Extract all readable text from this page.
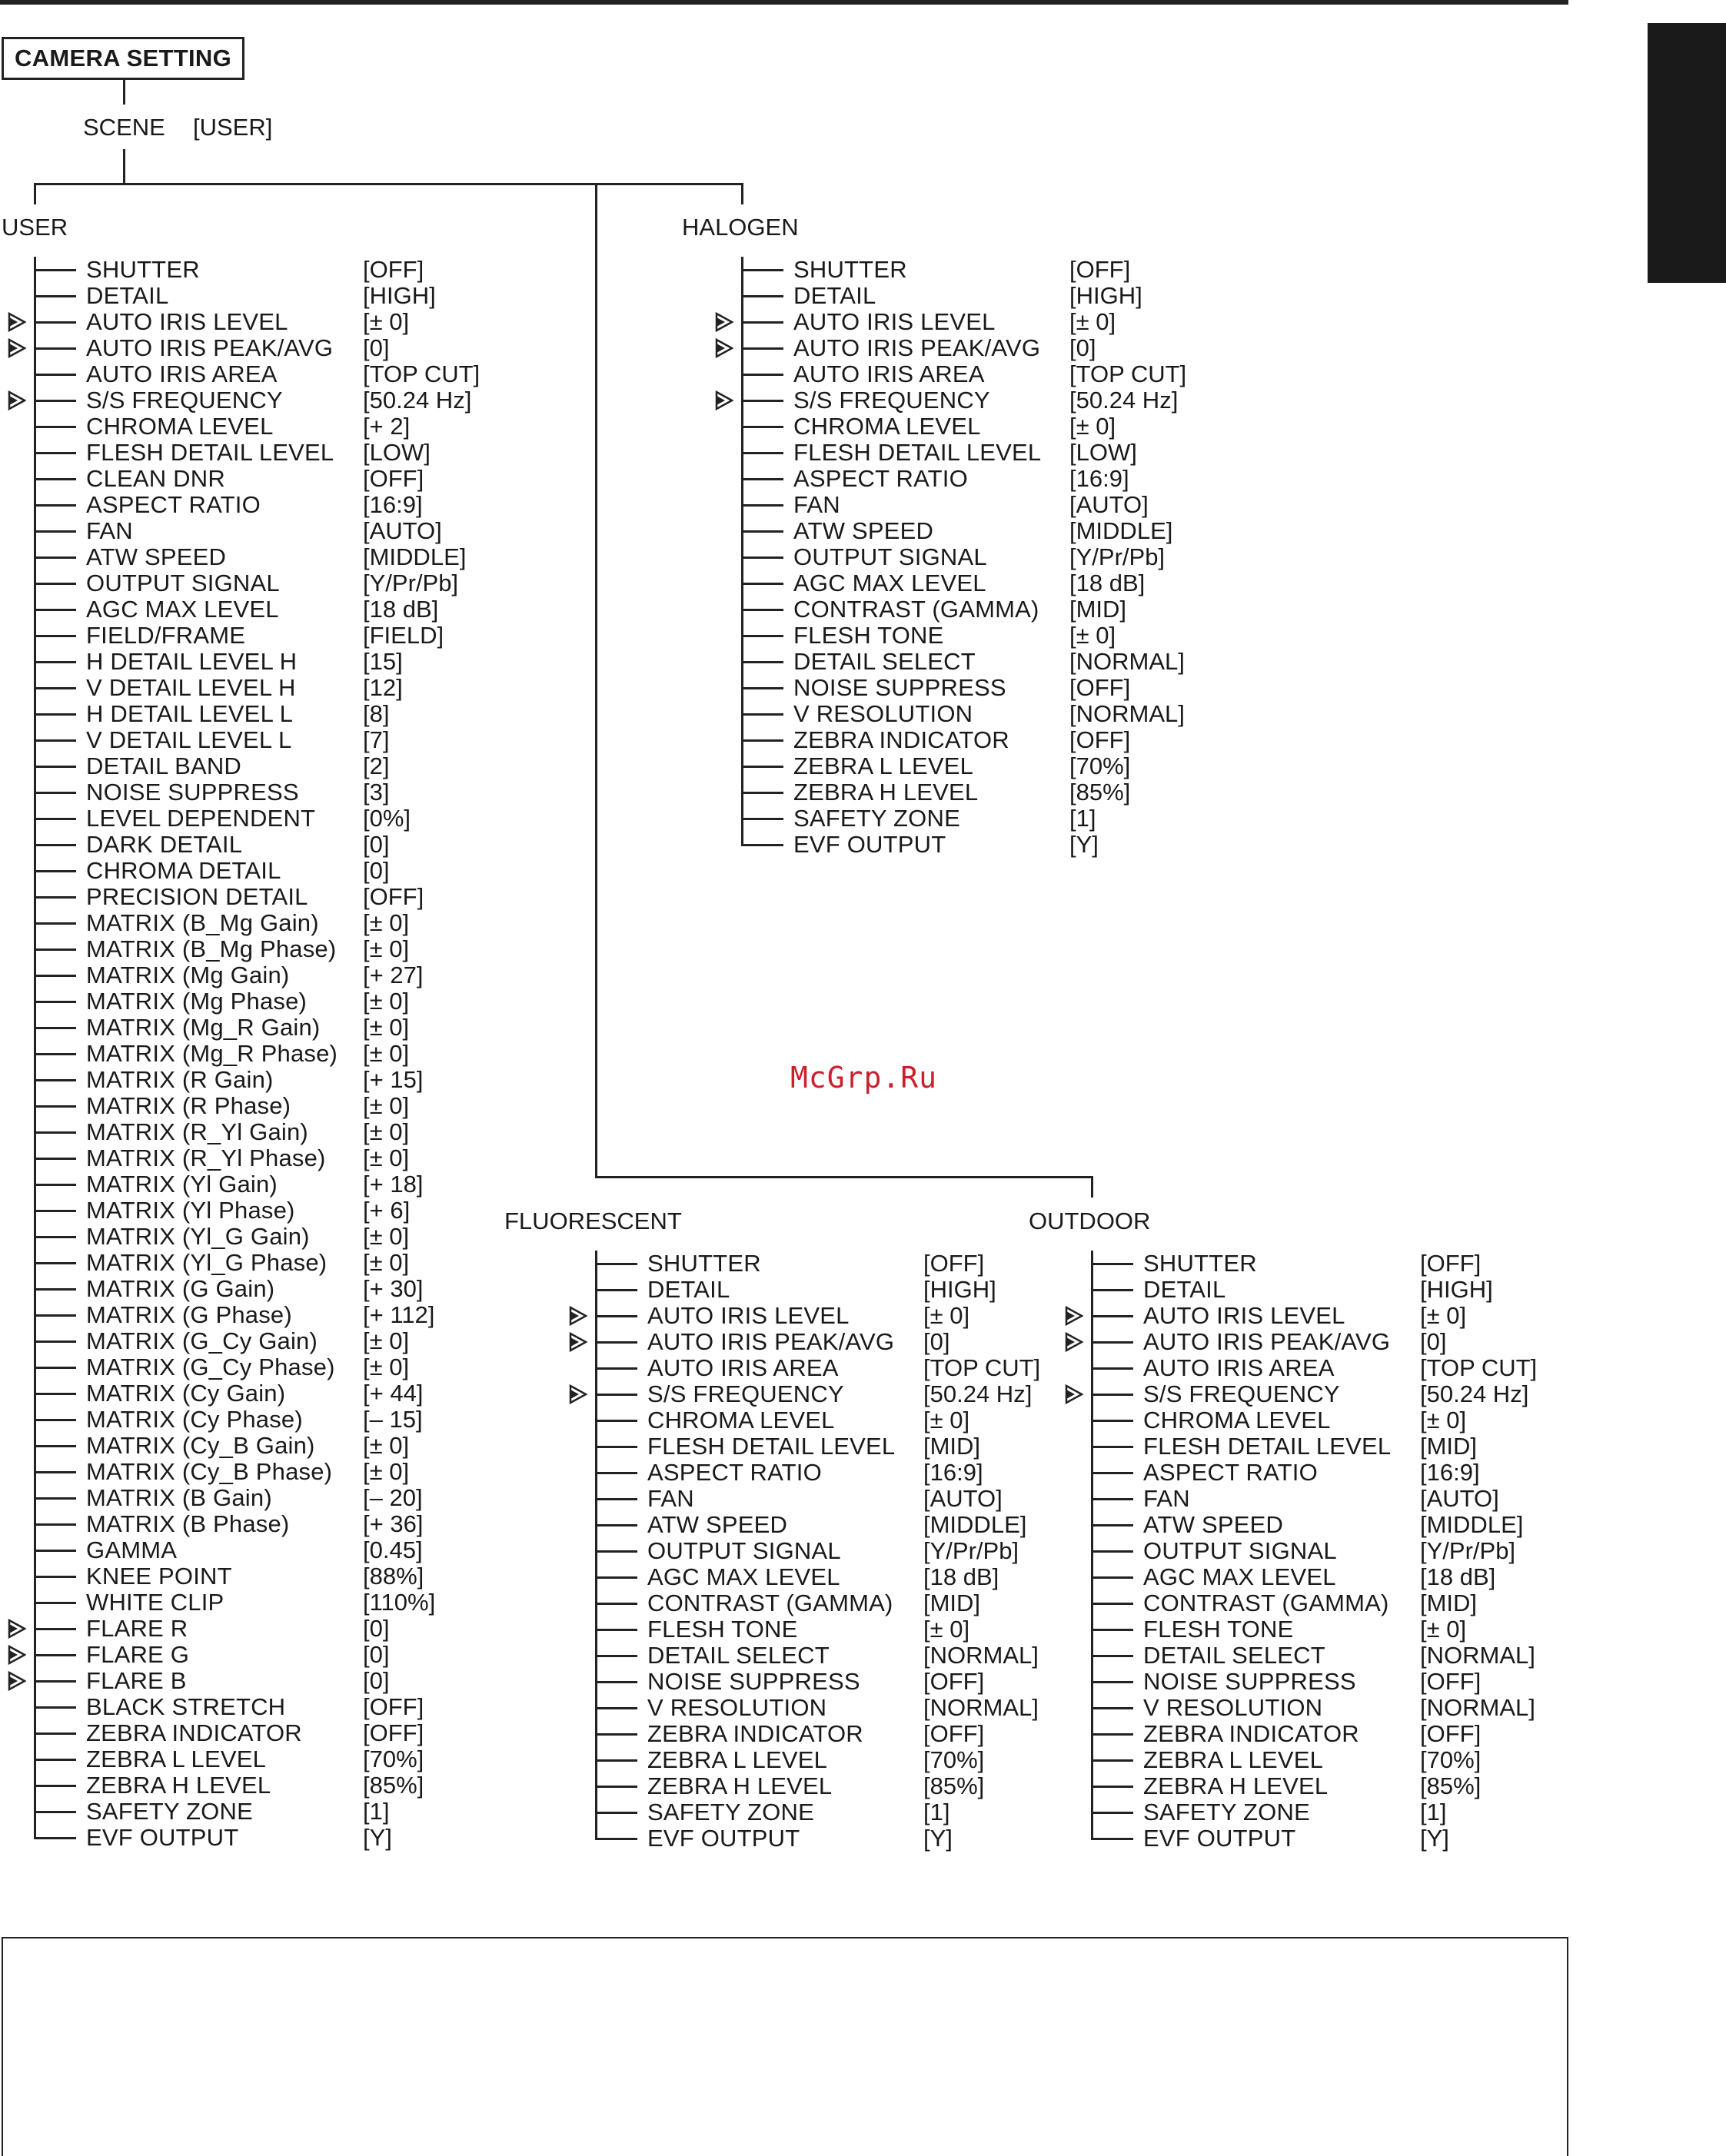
CAMERA SETTING
SCENE [USER]
USER	HALOGEN
FLUORESCENT	OUTDOOR
SHUTTER	[OFF]
DETAIL	[HIGH]
AUTO IRIS LEVEL	[± 0]
AUTO IRIS PEAK/AVG [0]
AUTO IRIS AREA	[TOP CUT]
S/S FREQUENCY	[50.24 Hz]
CHROMA LEVEL	[+ 2]
FLESH DETAIL LEVEL [LOW]
CLEAN DNR	[OFF]
ASPECT RATIO	[16:9]
FAN	[AUTO]
ATW SPEED	[MIDDLE]
OUTPUT SIGNAL	[Y/Pr/Pb]
AGC MAX LEVEL	[18 dB]
FIELD/FRAME	[FIELD]
H DETAIL LEVEL H	[15]
V DETAIL LEVEL H	[12]
H DETAIL LEVEL L	[8]
V DETAIL LEVEL L	[7]
DETAIL BAND	[2]
NOISE SUPPRESS	[3]
LEVEL DEPENDENT [0%]
DARK DETAIL	[0]
CHROMA DETAIL	[0]
PRECISION DETAIL [OFF]
MATRIX (B_Mg Gain) [± 0]
MATRIX (B_Mg Phase) [± 0]
MATRIX (Mg Gain)	[+ 27]
MATRIX (Mg Phase) [± 0]
MATRIX (Mg_R Gain) [± 0]
MATRIX (Mg_R Phase) [± 0]
MATRIX (R Gain)	[+ 15]
MATRIX (R Phase)	[± 0]
MATRIX (R_Yl Gain) [± 0]
MATRIX (R_Yl Phase) [± 0]
MATRIX (Yl Gain)	[+ 18]
MATRIX (Yl Phase)	[+ 6]
MATRIX (Yl_G Gain) [± 0]
MATRIX (Yl_G Phase) [± 0]
MATRIX (G Gain)	[+ 30]
MATRIX (G Phase)	[+ 112]
MATRIX (G_Cy Gain) [± 0]
MATRIX (G_Cy Phase) [± 0]
MATRIX (Cy Gain)	[+ 44]
MATRIX (Cy Phase)	[– 15]
MATRIX (Cy_B Gain) [± 0]
MATRIX (Cy_B Phase) [± 0]
MATRIX (B Gain)	[– 20]
MATRIX (B Phase)	[+ 36]
GAMMA	[0.45]
KNEE POINT	[88%]
WHITE CLIP	[110%]
FLARE R	[0]
FLARE G	[0]
FLARE B	[0]
BLACK STRETCH	[OFF]
ZEBRA INDICATOR	[OFF]
ZEBRA L LEVEL	[70%]
ZEBRA H LEVEL	[85%]
SAFETY ZONE	[1]
EVF OUTPUT	[Y]
SHUTTER	[OFF]
DETAIL	[HIGH]
AUTO IRIS LEVEL	[± 0]
AUTO IRIS PEAK/AVG [0]
AUTO IRIS AREA	[TOP CUT]
S/S FREQUENCY	[50.24 Hz]
CHROMA LEVEL	[± 0]
FLESH DETAIL LEVEL [LOW]
ASPECT RATIO	[16:9]
FAN	[AUTO]
ATW SPEED	[MIDDLE]
OUTPUT SIGNAL	[Y/Pr/Pb]
AGC MAX LEVEL	[18 dB]
CONTRAST (GAMMA) [MID]
FLESH TONE	[± 0]
DETAIL SELECT	[NORMAL]
NOISE SUPPRESS	[OFF]
V RESOLUTION	[NORMAL]
ZEBRA INDICATOR	[OFF]
ZEBRA L LEVEL	[70%]
ZEBRA H LEVEL	[85%]
SAFETY ZONE	[1]
EVF OUTPUT	[Y]
SHUTTER	[OFF]
DETAIL	[HIGH]
AUTO IRIS LEVEL	[± 0]
AUTO IRIS PEAK/AVG [0]
AUTO IRIS AREA	[TOP CUT]
S/S FREQUENCY	[50.24 Hz]
CHROMA LEVEL	[± 0]
FLESH DETAIL LEVEL [MID]
ASPECT RATIO	[16:9]
FAN	[AUTO]
ATW SPEED	[MIDDLE]
OUTPUT SIGNAL	[Y/Pr/Pb]
AGC MAX LEVEL	[18 dB]
CONTRAST (GAMMA) [MID]
FLESH TONE	[± 0]
DETAIL SELECT	[NORMAL]
NOISE SUPPRESS	[OFF]
V RESOLUTION	[NORMAL]
ZEBRA INDICATOR	[OFF]
ZEBRA L LEVEL	[70%]
ZEBRA H LEVEL	[85%]
SAFETY ZONE	[1]
EVF OUTPUT	[Y]
SHUTTER	[OFF]
DETAIL	[HIGH]
AUTO IRIS LEVEL	[± 0]
AUTO IRIS PEAK/AVG [0]
AUTO IRIS AREA	[TOP CUT]
S/S FREQUENCY	[50.24 Hz]
CHROMA LEVEL	[± 0]
FLESH DETAIL LEVEL [MID]
ASPECT RATIO	[16:9]
FAN	[AUTO]
ATW SPEED	[MIDDLE]
OUTPUT SIGNAL	[Y/Pr/Pb]
AGC MAX LEVEL	[18 dB]
CONTRAST (GAMMA) [MID]
FLESH TONE	[± 0]
DETAIL SELECT	[NORMAL]
NOISE SUPPRESS	[OFF]
V RESOLUTION	[NORMAL]
ZEBRA INDICATOR	[OFF]
ZEBRA L LEVEL	[70%]
ZEBRA H LEVEL	[85%]
SAFETY ZONE	[1]
EVF OUTPUT	[Y]
McGrp.Ru
